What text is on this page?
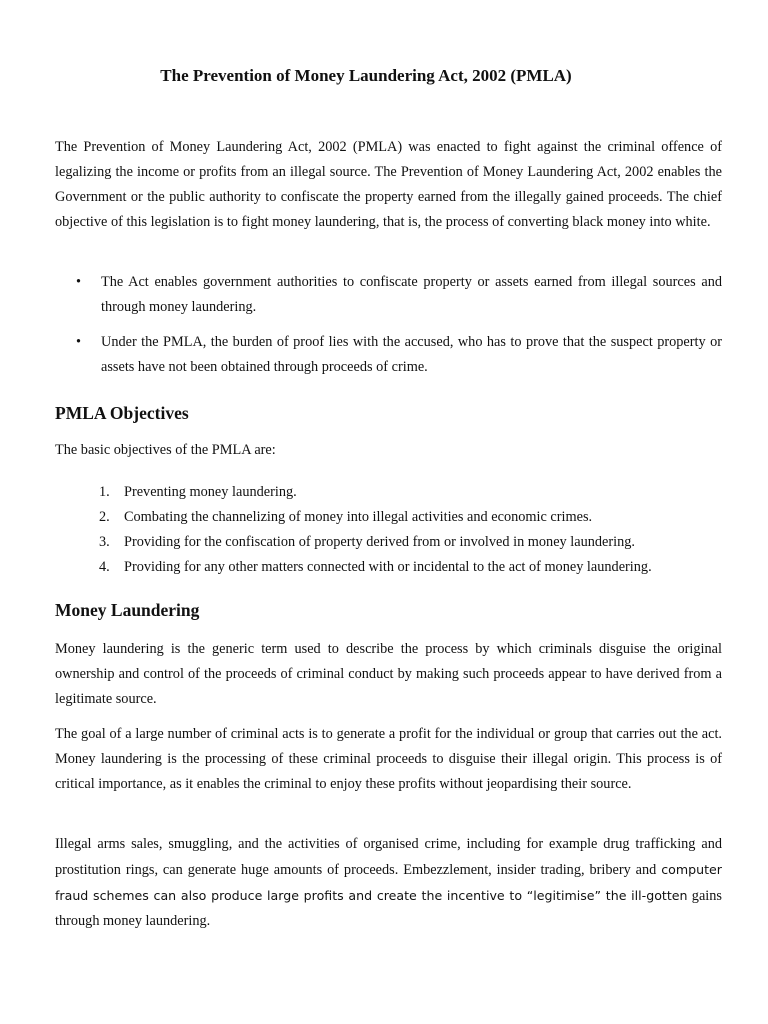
The Prevention of Money Laundering Act, 2002 (PMLA)

The Prevention of Money Laundering Act, 2002 (PMLA) was enacted to fight against the criminal offence of legalizing the income or profits from an illegal source. The Prevention of Money Laundering Act, 2002 enables the Government or the public authority to confiscate the property earned from the illegally gained proceeds. The chief objective of this legislation is to fight money laundering, that is, the process of converting black money into white.

•	The Act enables government authorities to confiscate property or assets earned from illegal sources and through money laundering.
•	Under the PMLA, the burden of proof lies with the accused, who has to prove that the suspect property or assets have not been obtained through proceeds of crime.
PMLA Objectives

The basic objectives of the PMLA are:

1. Preventing money laundering.
2. Combating the channelizing of money into illegal activities and economic crimes.
3. Providing for the confiscation of property derived from or involved in money laundering.
4. Providing for any other matters connected with or incidental to the act of money laundering.
Money Laundering

Money laundering is the generic term used to describe the process by which criminals disguise the original ownership and control of the proceeds of criminal conduct by making such proceeds appear to have derived from a legitimate source.

The goal of a large number of criminal acts is to generate a profit for the individual or group that carries out the act. Money laundering is the processing of these criminal proceeds to disguise their illegal origin. This process is of critical importance, as it enables the criminal to enjoy these profits without jeopardising their source.

Illegal arms sales, smuggling, and the activities of organised crime, including for example drug trafficking and prostitution rings, can generate huge amounts of proceeds. Embezzlement, insider trading, bribery and computer fraud schemes can also produce large profits and create the incentive to “legitimise” the ill-gotten gains through money laundering.
